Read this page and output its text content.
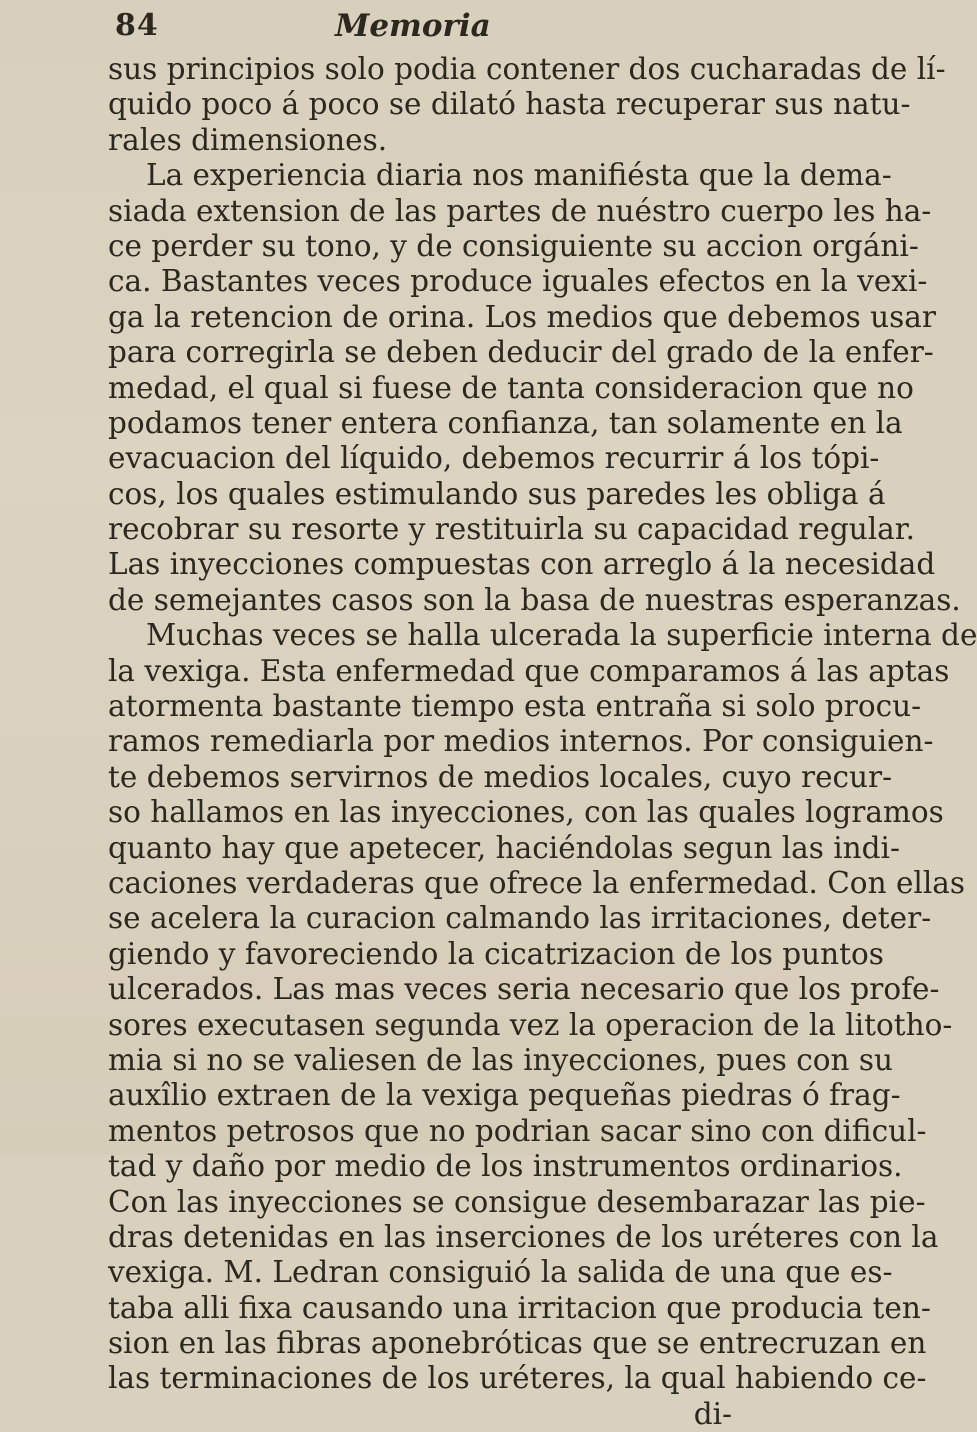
84	Memoria
sus principios solo podia contener dos cucharadas de lí-
quido poco á poco se dilató hasta recuperar sus natu-
rales dimensiones.
La experiencia diaria nos manifiésta que la dema-
siada extension de las partes de nuéstro cuerpo les ha-
ce perder su tono, y de consiguiente su accion orgáni-
ca. Bastantes veces produce iguales efectos en la vexi-
ga la retencion de orina. Los medios que debemos usar
para corregirla se deben deducir del grado de la enfer-
medad, el qual si fuese de tanta consideracion que no
podamos tener entera confianza, tan solamente en la
evacuacion del líquido, debemos recurrir á los tópi-
cos, los quales estimulando sus paredes les obliga á
recobrar su resorte y restituirla su capacidad regular.
Las inyecciones compuestas con arreglo á la necesidad
de semejantes casos son la basa de nuestras esperanzas.
Muchas veces se halla ulcerada la superficie interna de
la vexiga. Esta enfermedad que comparamos á las aptas
atormenta bastante tiempo esta entraña si solo procu-
ramos remediarla por medios internos. Por consiguien-
te debemos servirnos de medios locales, cuyo recur-
so hallamos en las inyecciones, con las quales logramos
quanto hay que apetecer, haciéndolas segun las indi-
caciones verdaderas que ofrece la enfermedad. Con ellas
se acelera la curacion calmando las irritaciones, deter-
giendo y favoreciendo la cicatrizacion de los puntos
ulcerados. Las mas veces seria necesario que los profe-
sores executasen segunda vez la operacion de la litotho-
mia si no se valiesen de las inyecciones, pues con su
auxîlio extraen de la vexiga pequeñas piedras ó frag-
mentos petrosos que no podrian sacar sino con dificul-
tad y daño por medio de los instrumentos ordinarios.
Con las inyecciones se consigue desembarazar las pie-
dras detenidas en las inserciones de los uréteres con la
vexiga. M. Ledran consiguió la salida de una que es-
taba alli fixa causando una irritacion que producia ten-
sion en las fibras aponebróticas que se entrecruzan en
las terminaciones de los uréteres, la qual habiendo ce-
di-
